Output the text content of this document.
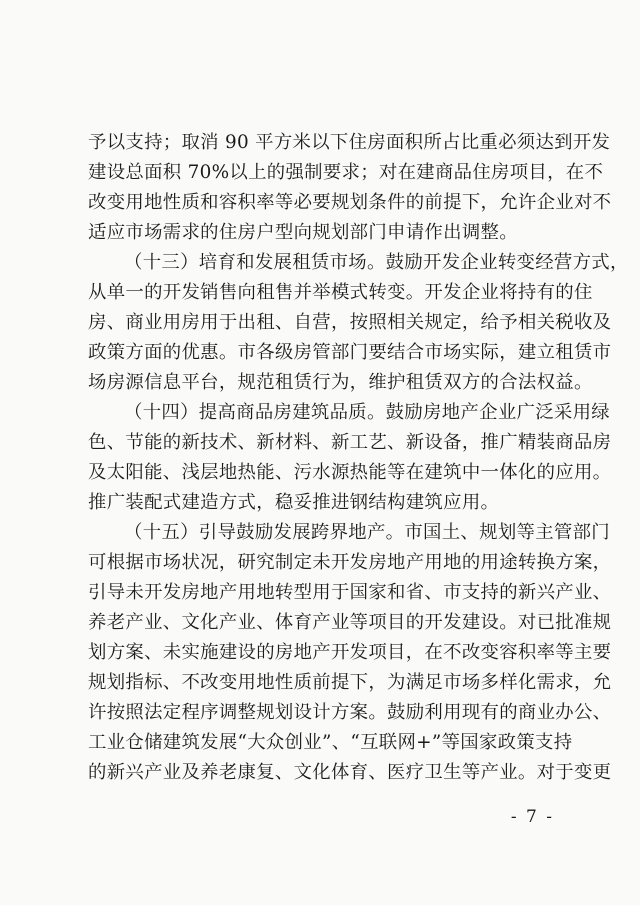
予以支持；取消 90 平方米以下住房面积所占比重必须达到开发
建设总面积 70%以上的强制要求；对在建商品住房项目，在不
改变用地性质和容积率等必要规划条件的前提下，允许企业对不
适应市场需求的住房户型向规划部门申请作出调整。
（十三）培育和发展租赁市场。鼓励开发企业转变经营方式，
从单一的开发销售向租售并举模式转变。开发企业将持有的住
房、商业用房用于出租、自营，按照相关规定，给予相关税收及
政策方面的优惠。市各级房管部门要结合市场实际，建立租赁市
场房源信息平台，规范租赁行为，维护租赁双方的合法权益。
（十四）提高商品房建筑品质。鼓励房地产企业广泛采用绿
色、节能的新技术、新材料、新工艺、新设备，推广精装商品房
及太阳能、浅层地热能、污水源热能等在建筑中一体化的应用。
推广装配式建造方式，稳妥推进钢结构建筑应用。
（十五）引导鼓励发展跨界地产。市国土、规划等主管部门
可根据市场状况，研究制定未开发房地产用地的用途转换方案，
引导未开发房地产用地转型用于国家和省、市支持的新兴产业、
养老产业、文化产业、体育产业等项目的开发建设。对已批准规
划方案、未实施建设的房地产开发项目，在不改变容积率等主要
规划指标、不改变用地性质前提下，为满足市场多样化需求，允
许按照法定程序调整规划设计方案。鼓励利用现有的商业办公、
工业仓储建筑发展“大众创业”、“互联网+”等国家政策支持
的新兴产业及养老康复、文化体育、医疗卫生等产业。对于变更
- 7 -
